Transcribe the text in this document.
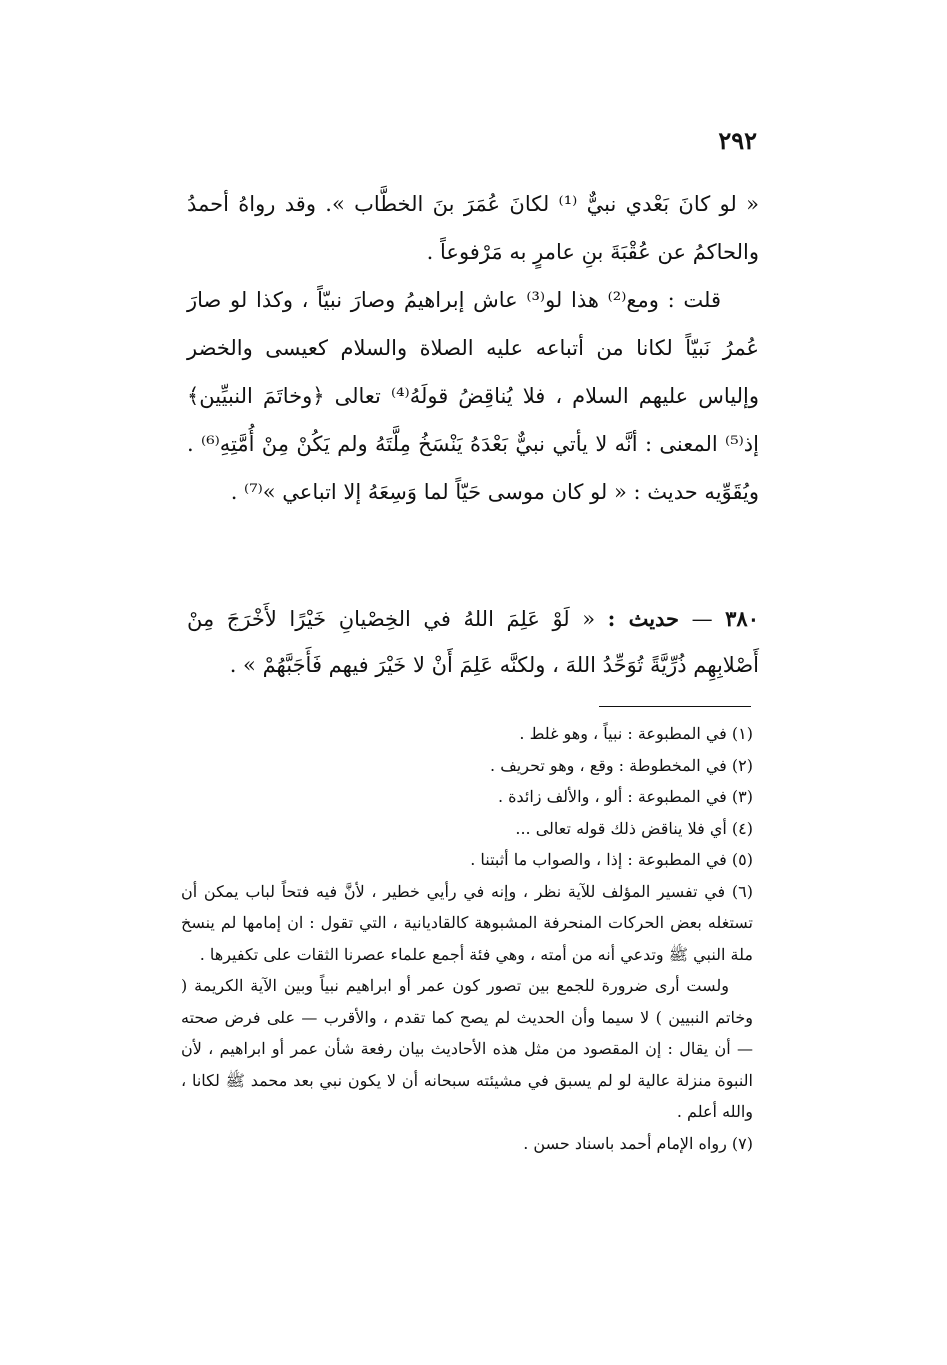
٢٩٢

« لو كانَ بَعْدي نبيٌّ ⁽¹⁾ لكانَ عُمَرَ بنَ الخطَّاب ». وقد رواهُ أحمدُ والحاكمُ عن عُقْبَةَ بنِ عامرٍ به مَرْفوعاً .

قلت : ومع⁽²⁾ هذا لو⁽³⁾ عاش إبراهيمُ وصارَ نبيّاً ، وكذا لو صارَ عُمرُ نَبيّاً لكانا من أتباعه عليه الصلاة والسلام كعيسى والخضر وإلياس عليهم السلام ، فلا يُناقِضُ قولَهُ⁽⁴⁾ تعالى ﴿وخاتَمَ النبيِّين﴾ إذ⁽⁵⁾ المعنى : أنَّه لا يأتي نبيٌّ بَعْدَهُ يَنْسَخُ مِلَّتَهُ ولم يَكُنْ مِنْ أُمَّتِهِ⁽⁶⁾ . ويُقَوِّيه حديث : « لو كان موسى حَيّاً لما وَسِعَهُ إلا اتباعي »⁽⁷⁾ .

٣٨٠ — حديث : « لَوْ عَلِمَ اللهُ في الخِصْيانِ خَيْرًا لأَخْرَجَ مِنْ أَصْلابِهِم ذُرِّيَّةً تُوَحِّدُ اللهَ ، ولكنَّه عَلِمَ أَنْ لا خَيْرَ فيهم فَأَجَبَّهُمْ » .

(١) في المطبوعة : نبياً ، وهو غلط .

(٢) في المخطوطة : وقع ، وهو تحريف .

(٣) في المطبوعة : ألو ، والألف زائدة .

(٤) أي فلا يناقض ذلك قوله تعالى ...

(٥) في المطبوعة : إذا ، والصواب ما أثبتنا .

(٦) في تفسير المؤلف للآية نظر ، وإنه في رأيي خطير ، لأنَّ فيه فتحاً لباب يمكن أن تستغله بعض الحركات المنحرفة المشبوهة كالقاديانية ، التي تقول : ان إمامها لم ينسخ ملة النبي ﷺ وتدعي أنه من أمته ، وهي فئة أجمع علماء عصرنا الثقات على تكفيرها .

ولست أرى ضرورة للجمع بين تصور كون عمر أو ابراهيم نبياً وبين الآية الكريمة ( وخاتم النبيين ) لا سيما وأن الحديث لم يصح كما تقدم ، والأقرب — على فرض صحته — أن يقال : إن المقصود من مثل هذه الأحاديث بيان رفعة شأن عمر أو ابراهيم ، لأن النبوة منزلة عالية لو لم يسبق في مشيئته سبحانه أن لا يكون نبي بعد محمد ﷺ لكانا ، والله أعلم .

(٧) رواه الإمام أحمد باسناد حسن .
